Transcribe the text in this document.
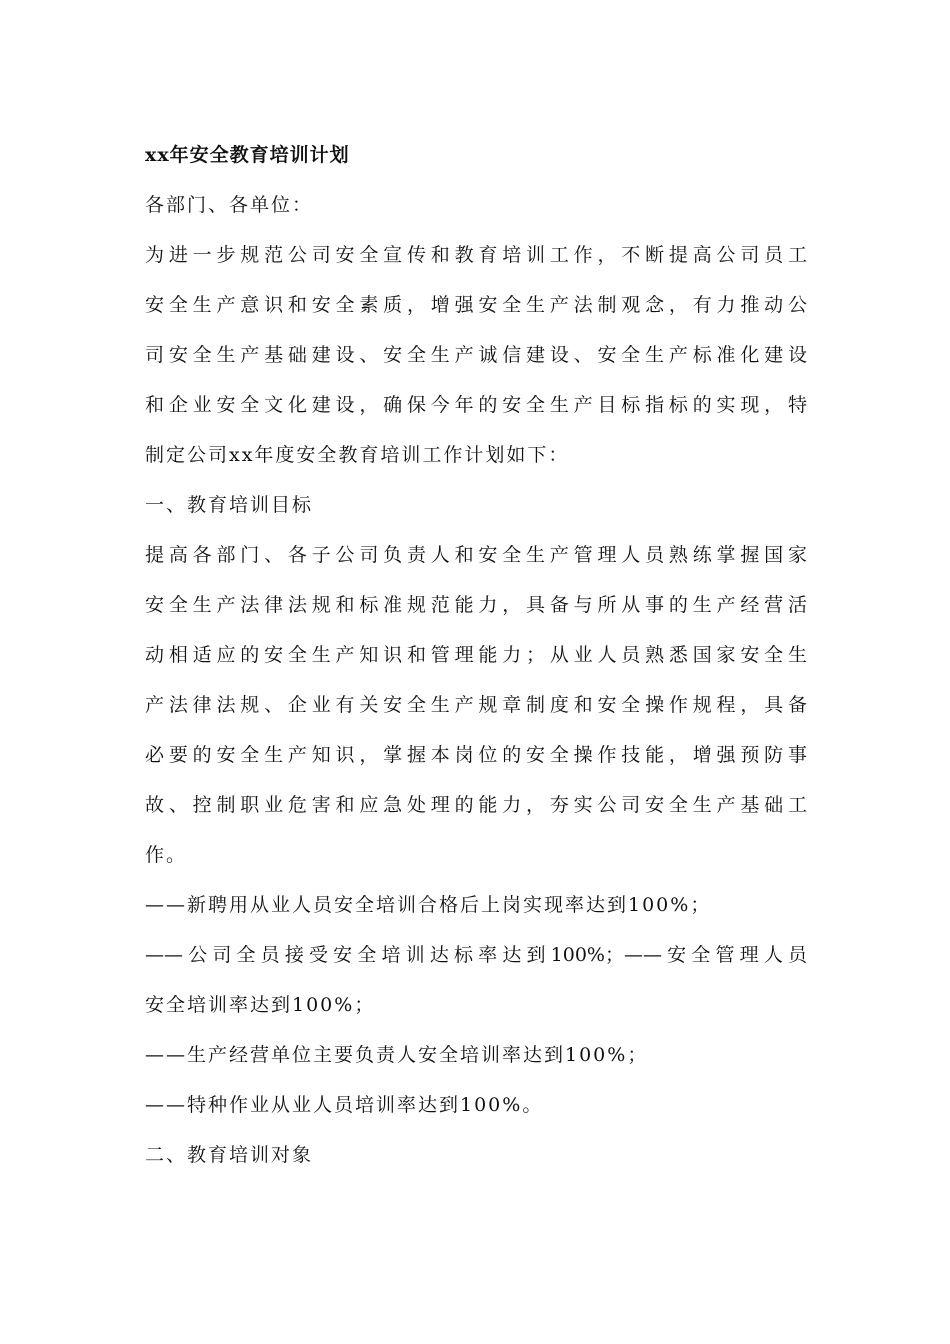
xx年安全教育培训计划
各部门、各单位：
为进一步规范公司安全宣传和教育培训工作，不断提高公司员工
安全生产意识和安全素质，增强安全生产法制观念，有力推动公
司安全生产基础建设、安全生产诚信建设、安全生产标准化建设
和企业安全文化建设，确保今年的安全生产目标指标的实现，特
制定公司xx年度安全教育培训工作计划如下：
一、教育培训目标
提高各部门、各子公司负责人和安全生产管理人员熟练掌握国家
安全生产法律法规和标准规范能力，具备与所从事的生产经营活
动相适应的安全生产知识和管理能力；从业人员熟悉国家安全生
产法律法规、企业有关安全生产规章制度和安全操作规程，具备
必要的安全生产知识，掌握本岗位的安全操作技能，增强预防事
故、控制职业危害和应急处理的能力，夯实公司安全生产基础工
作。
——新聘用从业人员安全培训合格后上岗实现率达到100%；
——公司全员接受安全培训达标率达到100%；——安全管理人员
安全培训率达到100%；
——生产经营单位主要负责人安全培训率达到100%；
——特种作业从业人员培训率达到100%。
二、教育培训对象
